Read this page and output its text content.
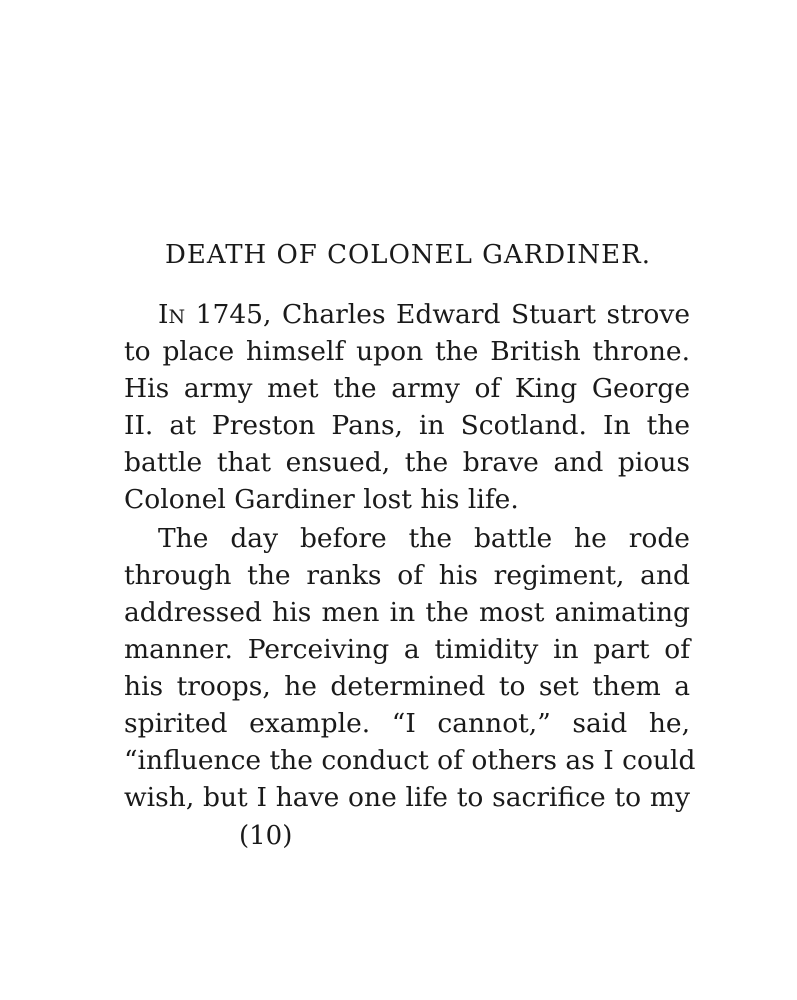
DEATH OF COLONEL GARDINER.
In 1745, Charles Edward Stuart strove
to place himself upon the British throne.
His army met the army of King George
II. at Preston Pans, in Scotland. In the
battle that ensued, the brave and pious
Colonel Gardiner lost his life.
The day before the battle he rode
through the ranks of his regiment, and
addressed his men in the most animating
manner. Perceiving a timidity in part of
his troops, he determined to set them a
spirited example. “I cannot,” said he,
“influence the conduct of others as I could
wish, but I have one life to sacrifice to my
(10)
